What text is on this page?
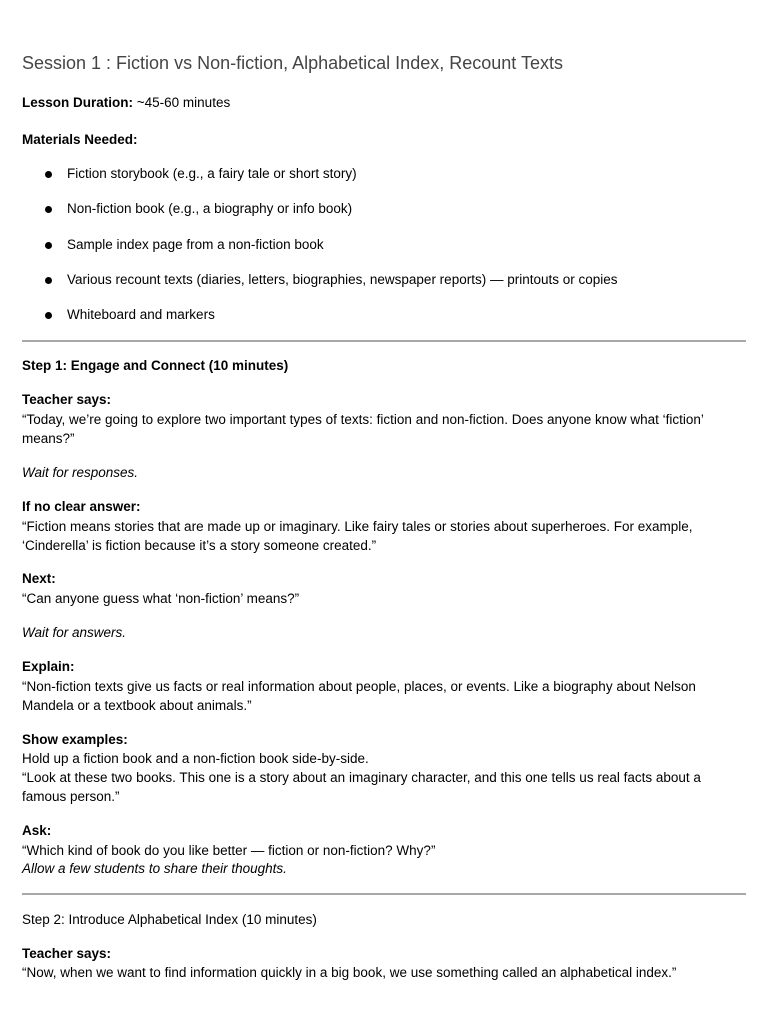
Session 1 : Fiction vs Non-fiction, Alphabetical Index, Recount Texts
Lesson Duration: ~45-60 minutes
Materials Needed:
Fiction storybook (e.g., a fairy tale or short story)
Non-fiction book (e.g., a biography or info book)
Sample index page from a non-fiction book
Various recount texts (diaries, letters, biographies, newspaper reports) — printouts or copies
Whiteboard and markers
Step 1: Engage and Connect (10 minutes)
Teacher says:
“Today, we’re going to explore two important types of texts: fiction and non-fiction. Does anyone know what ‘fiction’
means?”
Wait for responses.
If no clear answer:
“Fiction means stories that are made up or imaginary. Like fairy tales or stories about superheroes. For example,
‘Cinderella’ is fiction because it’s a story someone created.”
Next:
“Can anyone guess what ‘non-fiction’ means?”
Wait for answers.
Explain:
“Non-fiction texts give us facts or real information about people, places, or events. Like a biography about Nelson
Mandela or a textbook about animals.”
Show examples:
Hold up a fiction book and a non-fiction book side-by-side.
“Look at these two books. This one is a story about an imaginary character, and this one tells us real facts about a
famous person.”
Ask:
“Which kind of book do you like better — fiction or non-fiction? Why?”
Allow a few students to share their thoughts.
Step 2: Introduce Alphabetical Index (10 minutes)
Teacher says:
“Now, when we want to find information quickly in a big book, we use something called an alphabetical index.”
